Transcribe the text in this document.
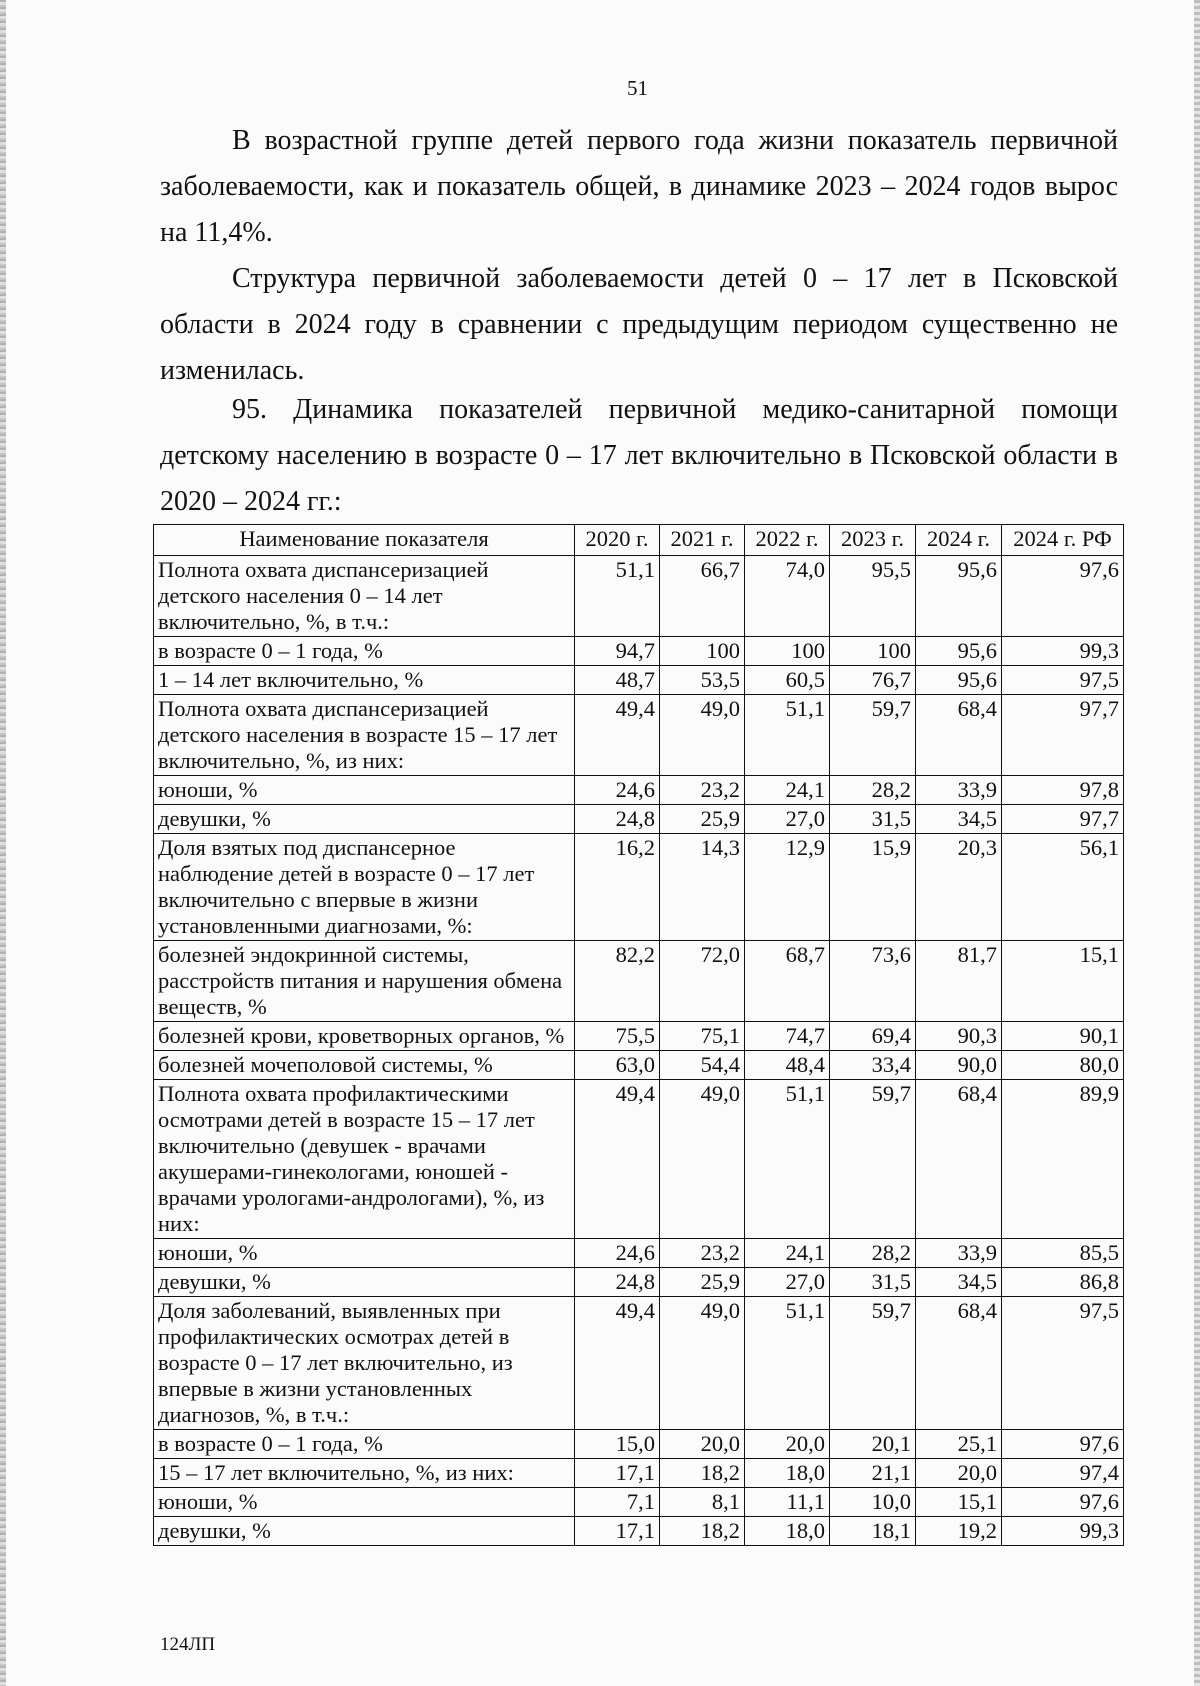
51

В возрастной группе детей первого года жизни показатель первичной заболеваемости, как и показатель общей, в динамике 2023 – 2024 годов вырос на 11,4%.

Структура первичной заболеваемости детей 0 – 17 лет в Псковской области в 2024 году в сравнении с предыдущим периодом существенно не изменилась.

95. Динамика показателей первичной медико-санитарной помощи детскому населению в возрасте 0 – 17 лет включительно в Псковской области в 2020 – 2024 гг.:

Наименование показателя	2020 г.	2021 г.	2022 г.	2023 г.	2024 г.	2024 г. РФ
Полнота охвата диспансеризацией детского населения 0 – 14 лет включительно, %, в т.ч.:	51,1	66,7	74,0	95,5	95,6	97,6
в возрасте 0 – 1 года, %	94,7	100	100	100	95,6	99,3
1 – 14 лет включительно, %	48,7	53,5	60,5	76,7	95,6	97,5
Полнота охвата диспансеризацией детского населения в возрасте 15 – 17 лет включительно, %, из них:	49,4	49,0	51,1	59,7	68,4	97,7
юноши, %	24,6	23,2	24,1	28,2	33,9	97,8
девушки, %	24,8	25,9	27,0	31,5	34,5	97,7
Доля взятых под диспансерное наблюдение детей в возрасте 0 – 17 лет включительно с впервые в жизни установленными диагнозами, %:	16,2	14,3	12,9	15,9	20,3	56,1
болезней эндокринной системы, расстройств питания и нарушения обмена веществ, %	82,2	72,0	68,7	73,6	81,7	15,1
болезней крови, кроветворных органов, %	75,5	75,1	74,7	69,4	90,3	90,1
болезней мочеполовой системы, %	63,0	54,4	48,4	33,4	90,0	80,0
Полнота охвата профилактическими осмотрами детей в возрасте 15 – 17 лет включительно (девушек - врачами акушерами-гинекологами, юношей - врачами урологами-андрологами), %, из них:	49,4	49,0	51,1	59,7	68,4	89,9
юноши, %	24,6	23,2	24,1	28,2	33,9	85,5
девушки, %	24,8	25,9	27,0	31,5	34,5	86,8
Доля заболеваний, выявленных при профилактических осмотрах детей в возрасте 0 – 17 лет включительно, из впервые в жизни установленных диагнозов, %, в т.ч.:	49,4	49,0	51,1	59,7	68,4	97,5
в возрасте 0 – 1 года, %	15,0	20,0	20,0	20,1	25,1	97,6
15 – 17 лет включительно, %, из них:	17,1	18,2	18,0	21,1	20,0	97,4
юноши, %	7,1	8,1	11,1	10,0	15,1	97,6
девушки, %	17,1	18,2	18,0	18,1	19,2	99,3
124ЛП
